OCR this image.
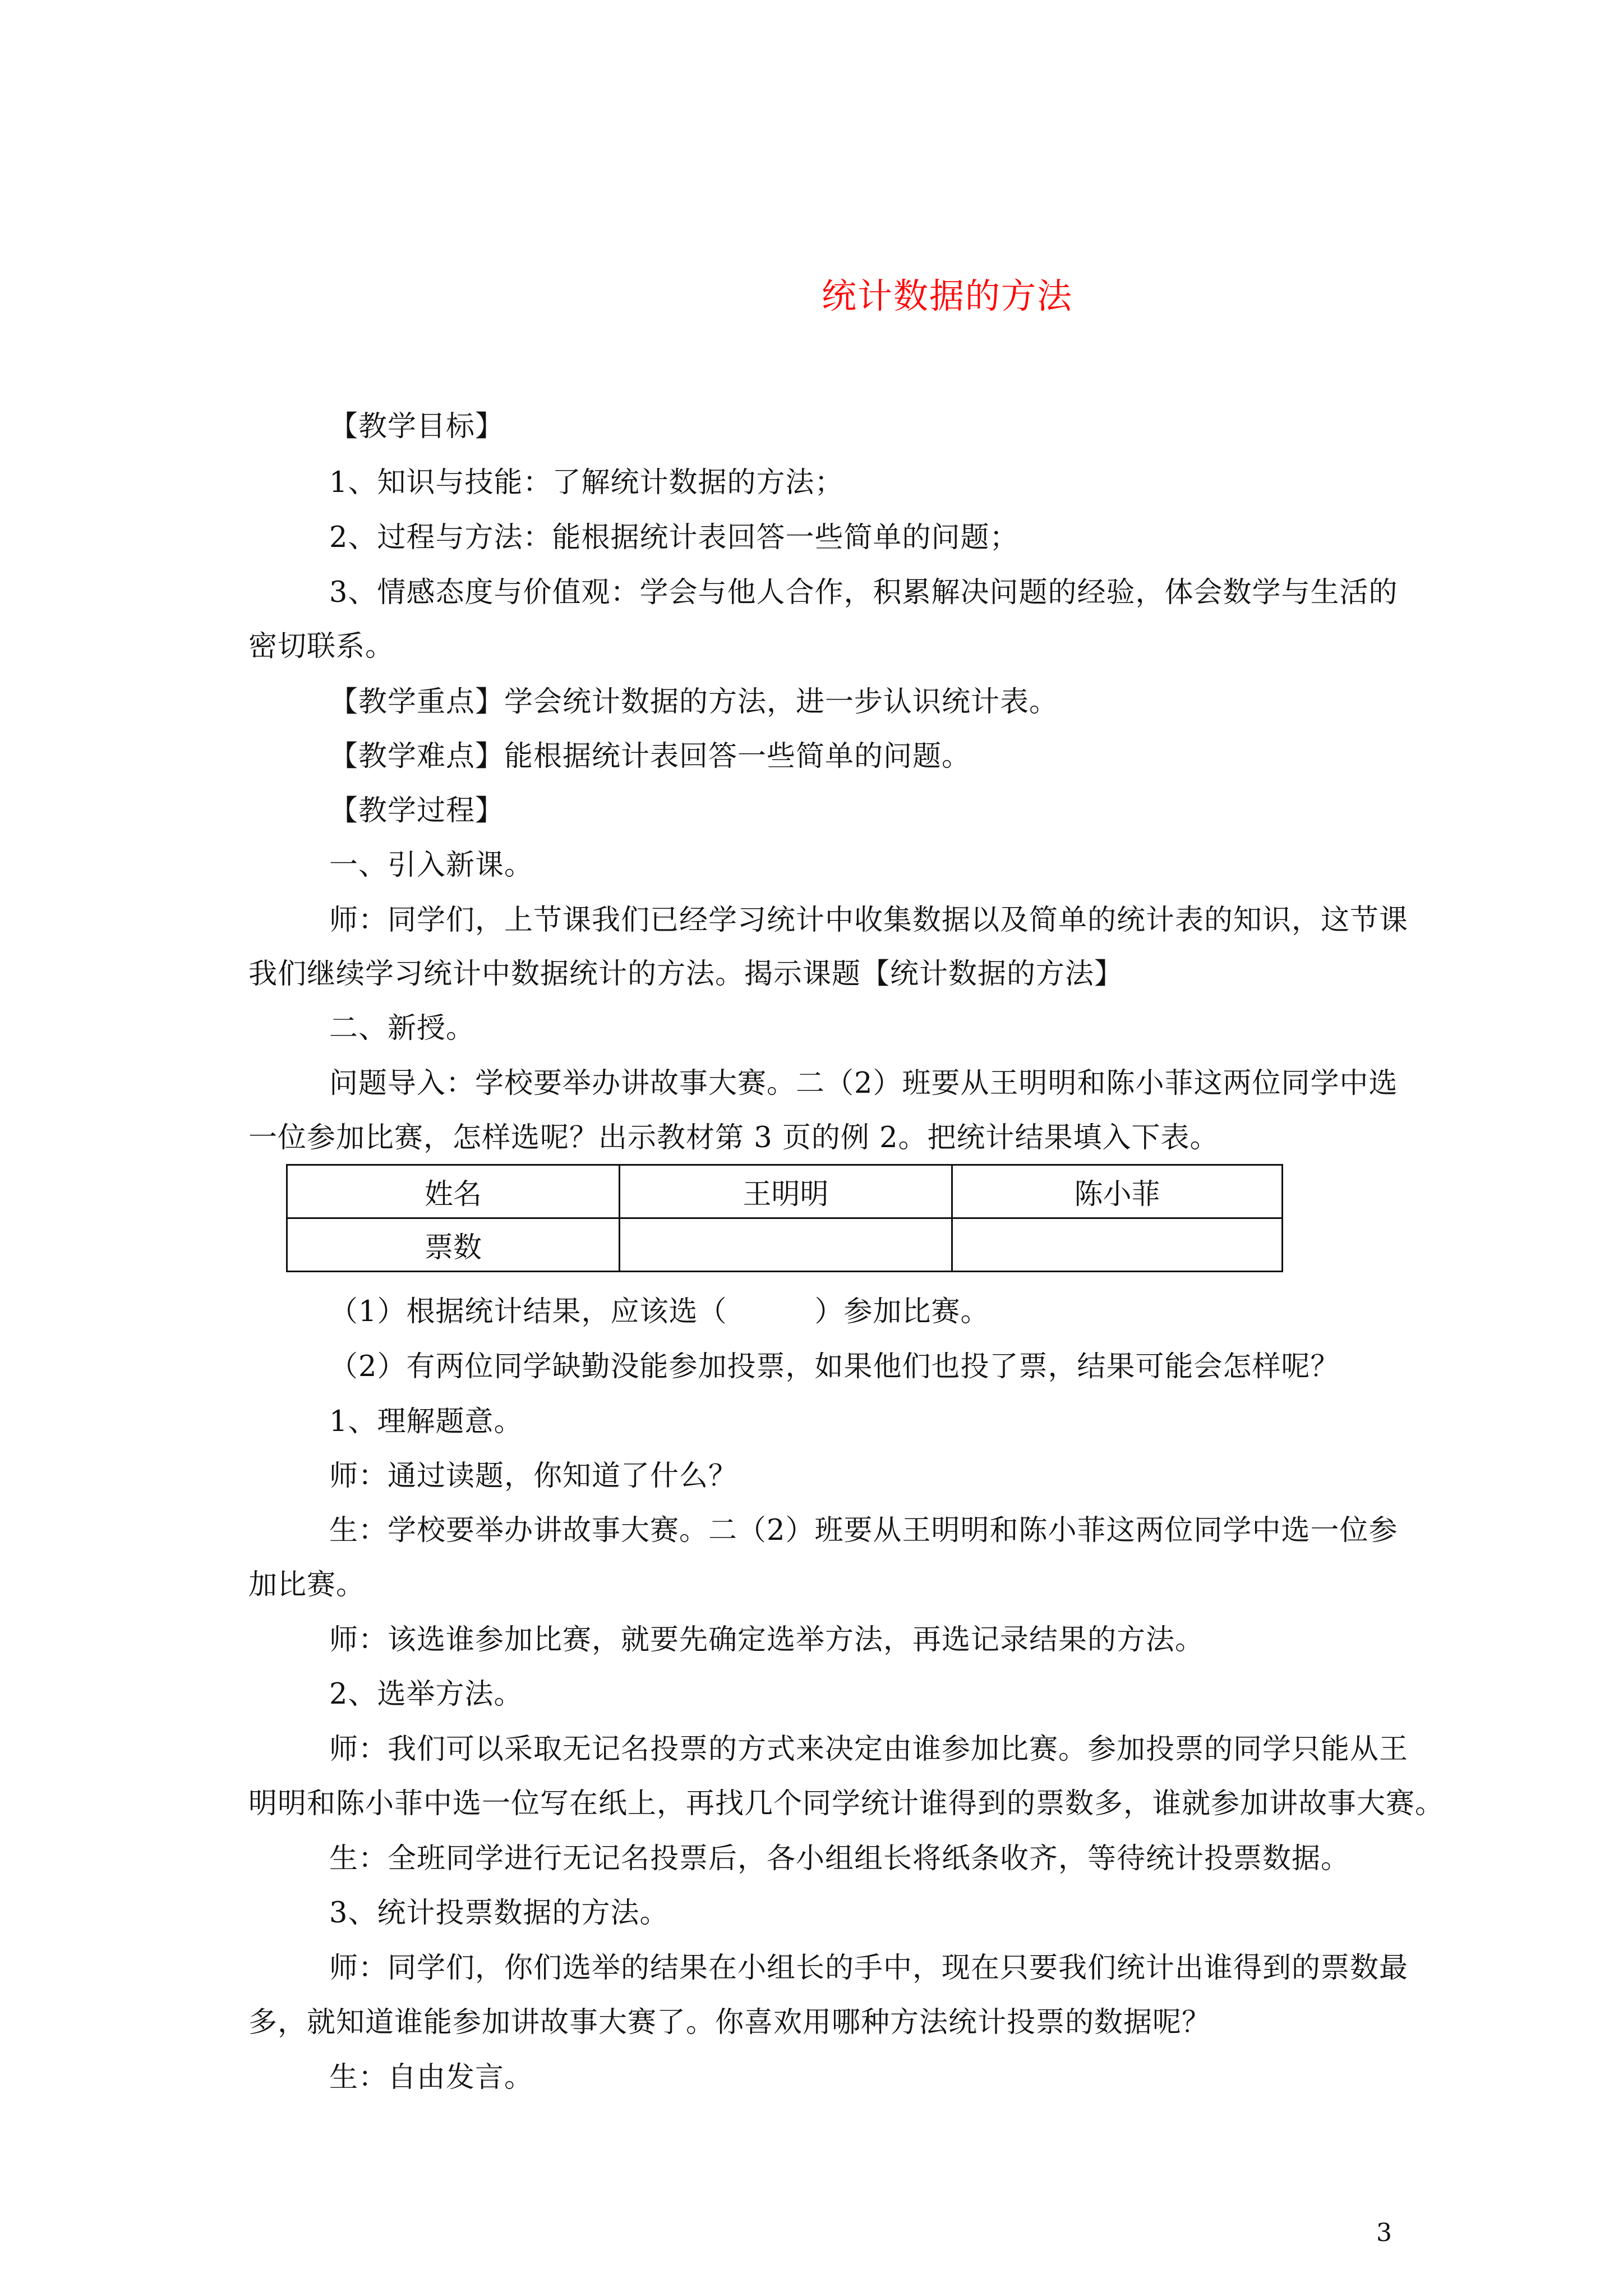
统计数据的方法
【教学目标】
1、知识与技能：了解统计数据的方法；
2、过程与方法：能根据统计表回答一些简单的问题；
3、情感态度与价值观：学会与他人合作，积累解决问题的经验，体会数学与生活的
密切联系。
【教学重点】学会统计数据的方法，进一步认识统计表。
【教学难点】能根据统计表回答一些简单的问题。
【教学过程】
一、引入新课。
师：同学们，上节课我们已经学习统计中收集数据以及简单的统计表的知识，这节课
我们继续学习统计中数据统计的方法。揭示课题【统计数据的方法】
二、新授。
问题导入：学校要举办讲故事大赛。二（2）班要从王明明和陈小菲这两位同学中选
一位参加比赛，怎样选呢？出示教材第 3 页的例 2。把统计结果填入下表。
姓名	王明明	陈小菲
票数		
（1）根据统计结果，应该选（　　　）参加比赛。
（2）有两位同学缺勤没能参加投票，如果他们也投了票，结果可能会怎样呢？
1、理解题意。
师：通过读题，你知道了什么？
生：学校要举办讲故事大赛。二（2）班要从王明明和陈小菲这两位同学中选一位参
加比赛。
师：该选谁参加比赛，就要先确定选举方法，再选记录结果的方法。
2、选举方法。
师：我们可以采取无记名投票的方式来决定由谁参加比赛。参加投票的同学只能从王
明明和陈小菲中选一位写在纸上，再找几个同学统计谁得到的票数多，谁就参加讲故事大赛。
生：全班同学进行无记名投票后，各小组组长将纸条收齐，等待统计投票数据。
3、统计投票数据的方法。
师：同学们，你们选举的结果在小组长的手中，现在只要我们统计出谁得到的票数最
多，就知道谁能参加讲故事大赛了。你喜欢用哪种方法统计投票的数据呢？
生：自由发言。
3
